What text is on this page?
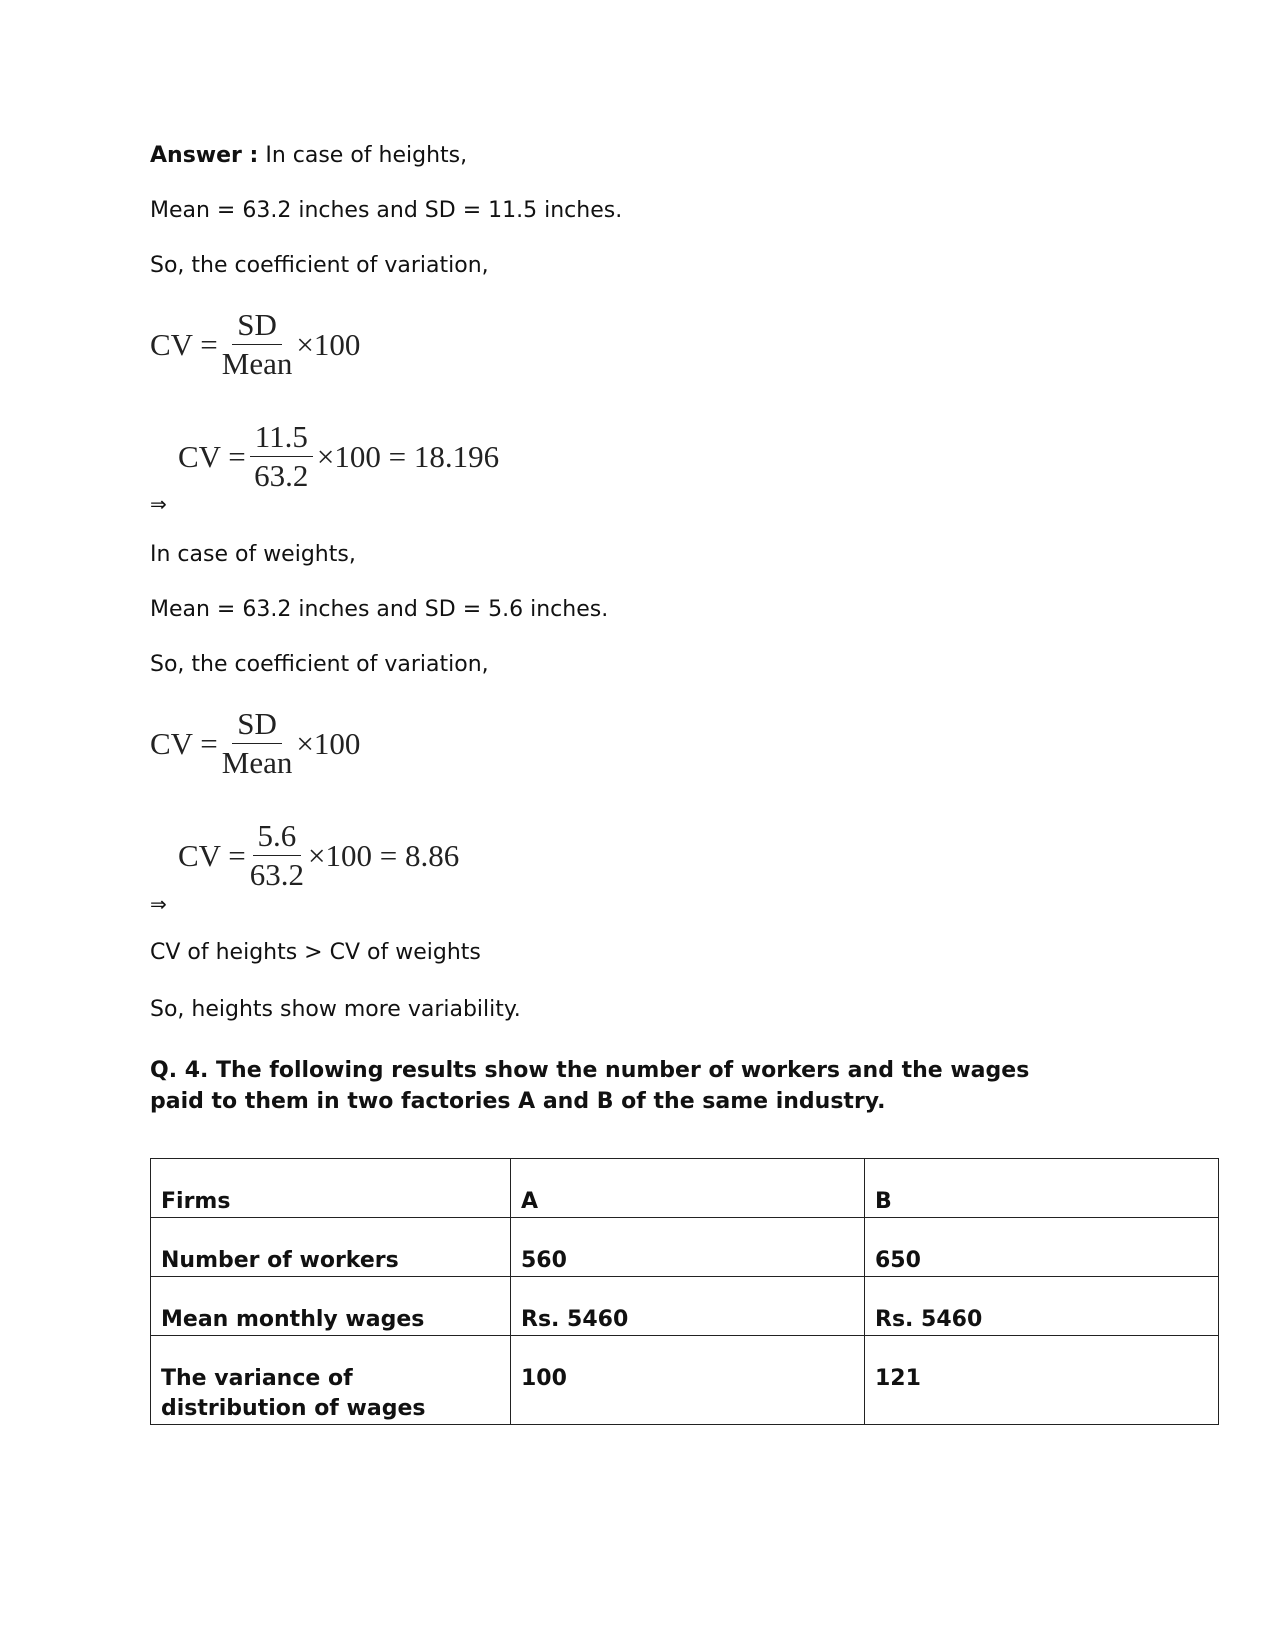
Answer : In case of heights,
Mean = 63.2 inches and SD = 11.5 inches.
So, the coefficient of variation,
CV = $\frac{SD}{\text{Mean}} \times 100$
CV = $\frac{11.5}{63.2} \times 100 = 18.196$
⇒
In case of weights,
Mean = 63.2 inches and SD = 5.6 inches.
So, the coefficient of variation,
CV = $\frac{SD}{\text{Mean}} \times 100$
CV = $\frac{5.6}{63.2} \times 100 = 8.86$
⇒
CV of heights > CV of weights
So, heights show more variability.
Q. 4. The following results show the number of workers and the wages paid to them in two factories A and B of the same industry.
Firms	A	B
Number of workers	560	650
Mean monthly wages	Rs. 5460	Rs. 5460
The variance of distribution of wages	100	121
